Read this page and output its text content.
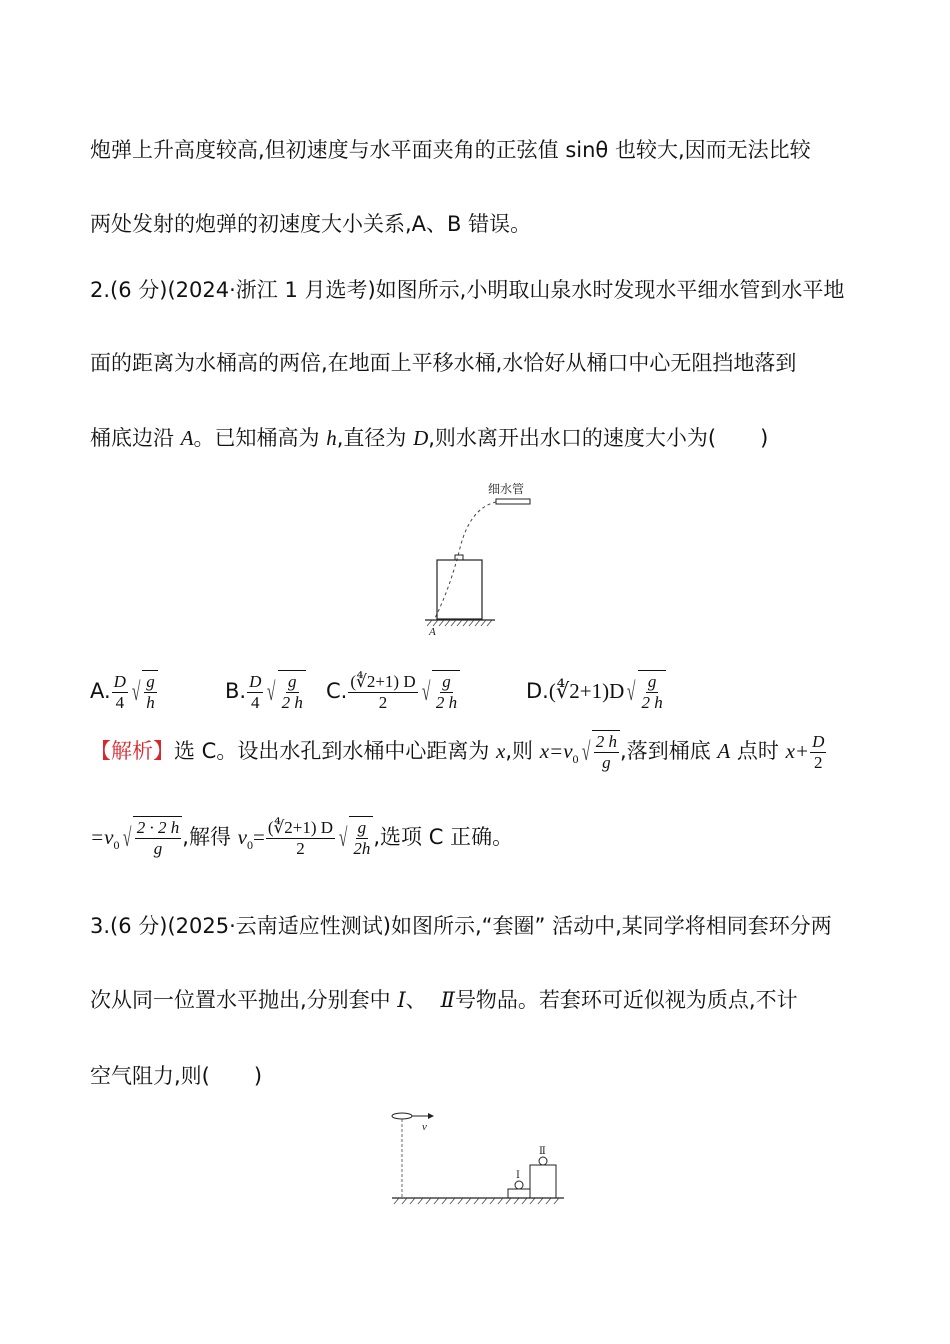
炮弹上升高度较高,但初速度与水平面夹角的正弦值 sinθ 也较大,因而无法比较
两处发射的炮弹的初速度大小关系,A、B 错误。
2.(6 分)(2024·浙江 1 月选考)如图所示,小明取山泉水时发现水平细水管到水平地
面的距离为水桶高的两倍,在地面上平移水桶,水恰好从桶口中心无阻挡地落到
桶底边沿 A。已知桶高为 h,直径为 D,则水离开出水口的速度大小为( )
细水管
A
A. $\frac{D}{4}$ √ $\frac{g}{h}$	B. $\frac{D}{4}$ √ $\frac{g}{2 h} C$. $\frac{(∜2+1) D}{2}$ √ $\frac{g}{2 h}$	D.(∜2+1)D √ $\frac{g}{2 h}$
【解析】选 C。设出水孔到水桶中心距离为 x,则 $x=v_0$ √ $\frac{2 h}{g}$ ,落到桶底 A 点时 $x+ \frac{D}{2}$
$=v_0$ √ $\frac{2 \cdot 2 h}{g}$ ,解得 $v_0= \frac{(∜2+1) D}{2}$ √ $\frac{g}{2h}$ ,选项 C 正确。
3.(6 分)(2025·云南适应性测试)如图所示,“套圈” 活动中,某同学将相同套环分两
次从同一位置水平抛出,分别套中 Ⅰ、 Ⅱ号物品。若套环可近似视为质点,不计
空气阻力,则( )
v
Ⅰ
Ⅱ
